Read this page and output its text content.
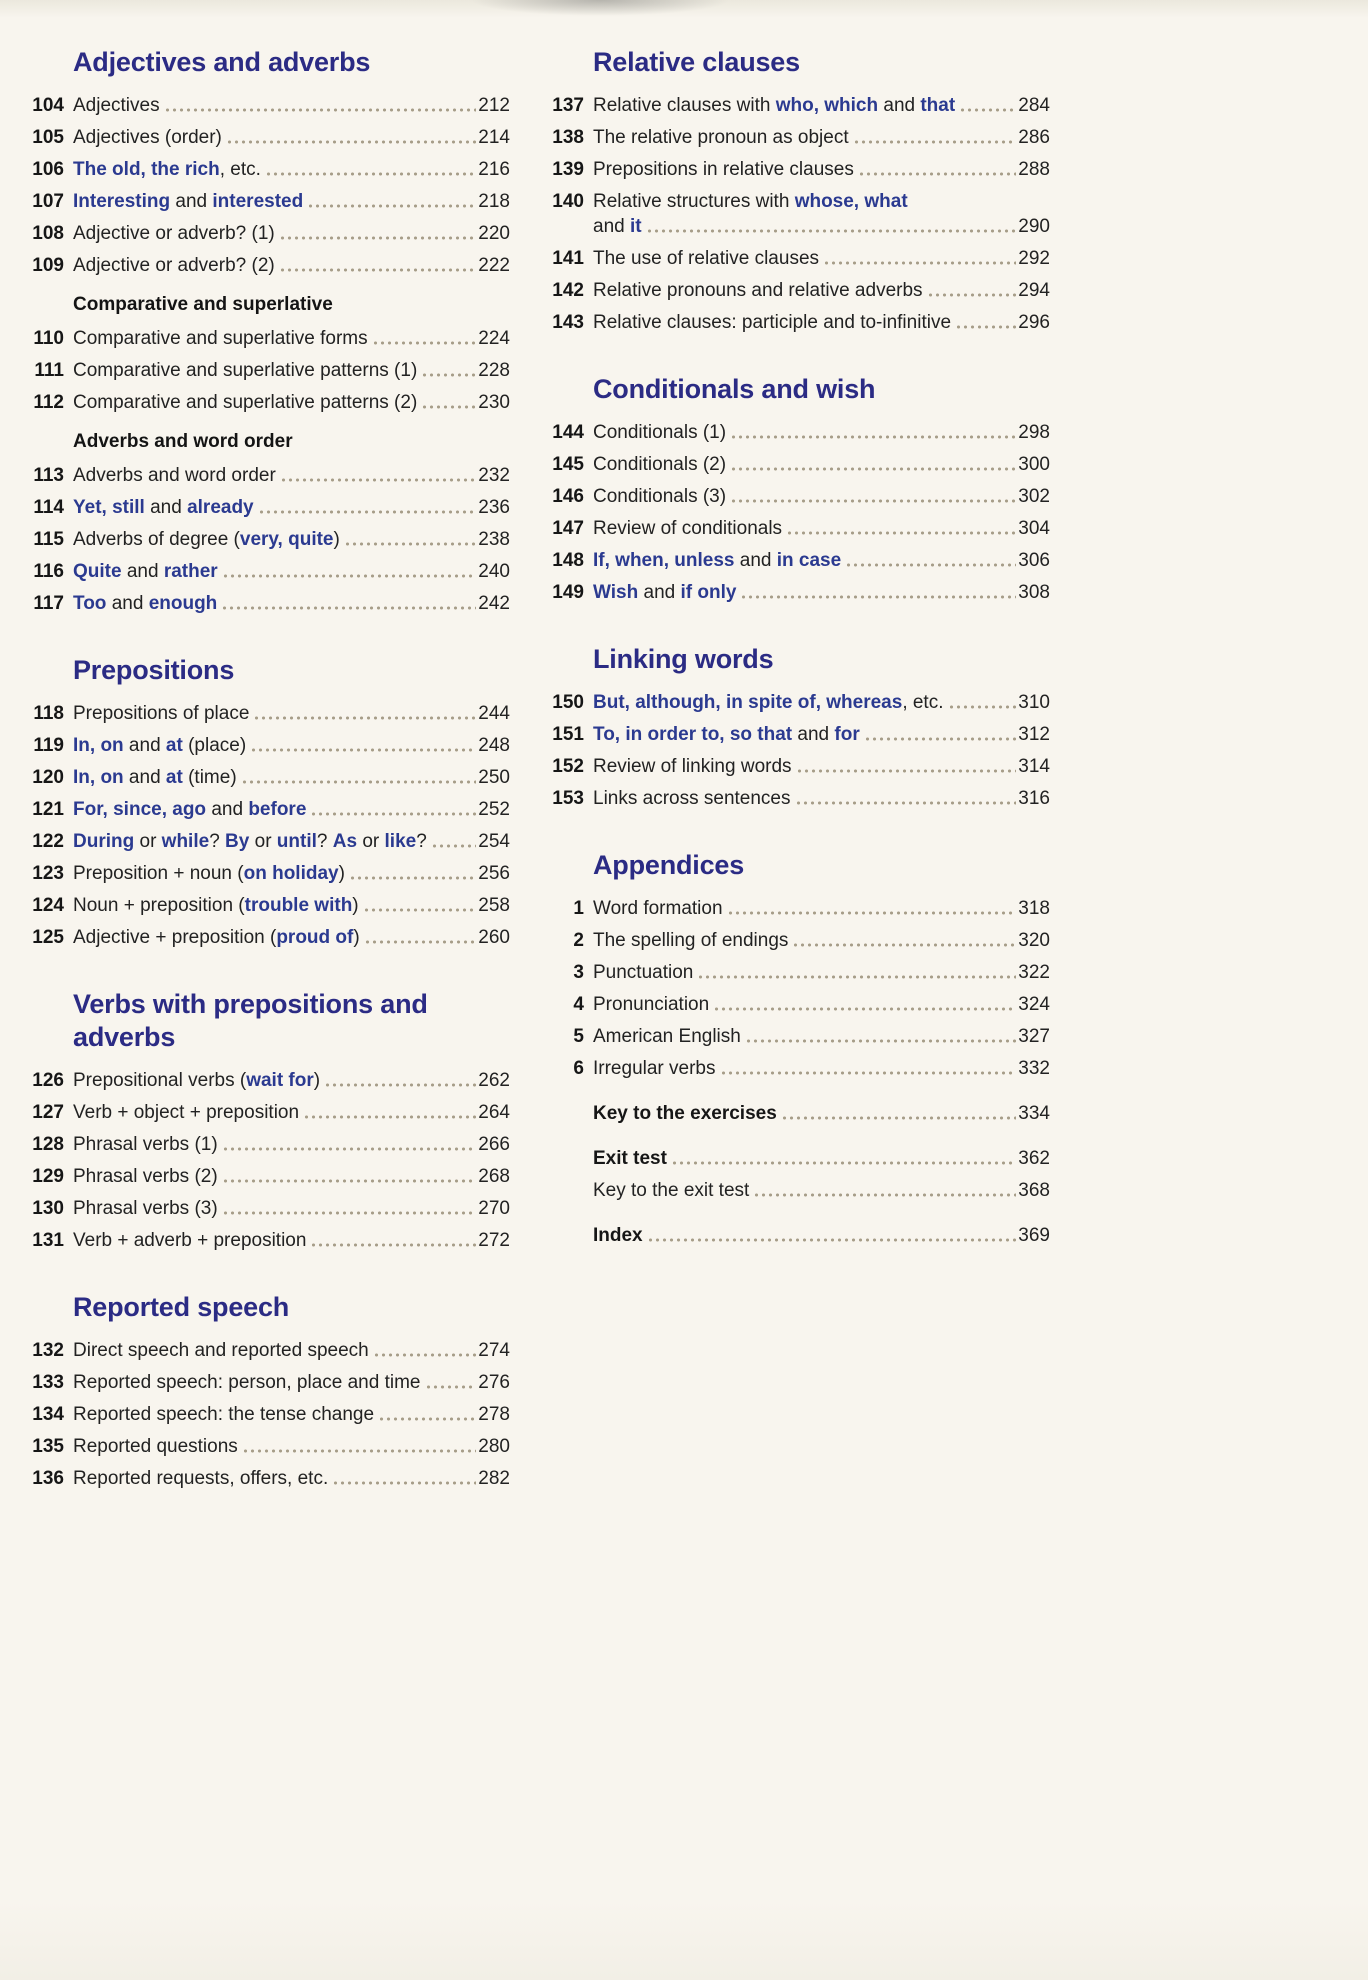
Adjectives and adverbs
104 Adjectives	212
105 Adjectives (order)	214
106 The old, the rich, etc.	216
107 Interesting and interested	218
108 Adjective or adverb? (1)	220
109 Adjective or adverb? (2)	222
Comparative and superlative
110 Comparative and superlative forms	224
111 Comparative and superlative patterns (1)	228
112 Comparative and superlative patterns (2)	230
Adverbs and word order
113 Adverbs and word order	232
114 Yet, still and already	236
115 Adverbs of degree (very, quite)	238
116 Quite and rather	240
117 Too and enough	242
Prepositions
118 Prepositions of place	244
119 In, on and at (place)	248
120 In, on and at (time)	250
121 For, since, ago and before	252
122 During or while? By or until? As or like?	254
123 Preposition + noun (on holiday)	256
124 Noun + preposition (trouble with)	258
125 Adjective + preposition (proud of)	260
Verbs with prepositions and adverbs
126 Prepositional verbs (wait for)	262
127 Verb + object + preposition	264
128 Phrasal verbs (1)	266
129 Phrasal verbs (2)	268
130 Phrasal verbs (3)	270
131 Verb + adverb + preposition	272
Reported speech
132 Direct speech and reported speech	274
133 Reported speech: person, place and time	276
134 Reported speech: the tense change	278
135 Reported questions	280
136 Reported requests, offers, etc.	282
Relative clauses
137 Relative clauses with who, which and that	284
138 The relative pronoun as object	286
139 Prepositions in relative clauses	288
140 Relative structures with whose, what
and it	290
141 The use of relative clauses	292
142 Relative pronouns and relative adverbs	294
143 Relative clauses: participle and to-infinitive	296
Conditionals and wish
144 Conditionals (1)	298
145 Conditionals (2)	300
146 Conditionals (3)	302
147 Review of conditionals	304
148 If, when, unless and in case	306
149 Wish and if only	308
Linking words
150 But, although, in spite of, whereas, etc.	310
151 To, in order to, so that and for	312
152 Review of linking words	314
153 Links across sentences	316
Appendices
1 Word formation	318
2 The spelling of endings	320
3 Punctuation	322
4 Pronunciation	324
5 American English	327
6 Irregular verbs	332
Key to the exercises	334
Exit test	362
Key to the exit test	368
Index	369
